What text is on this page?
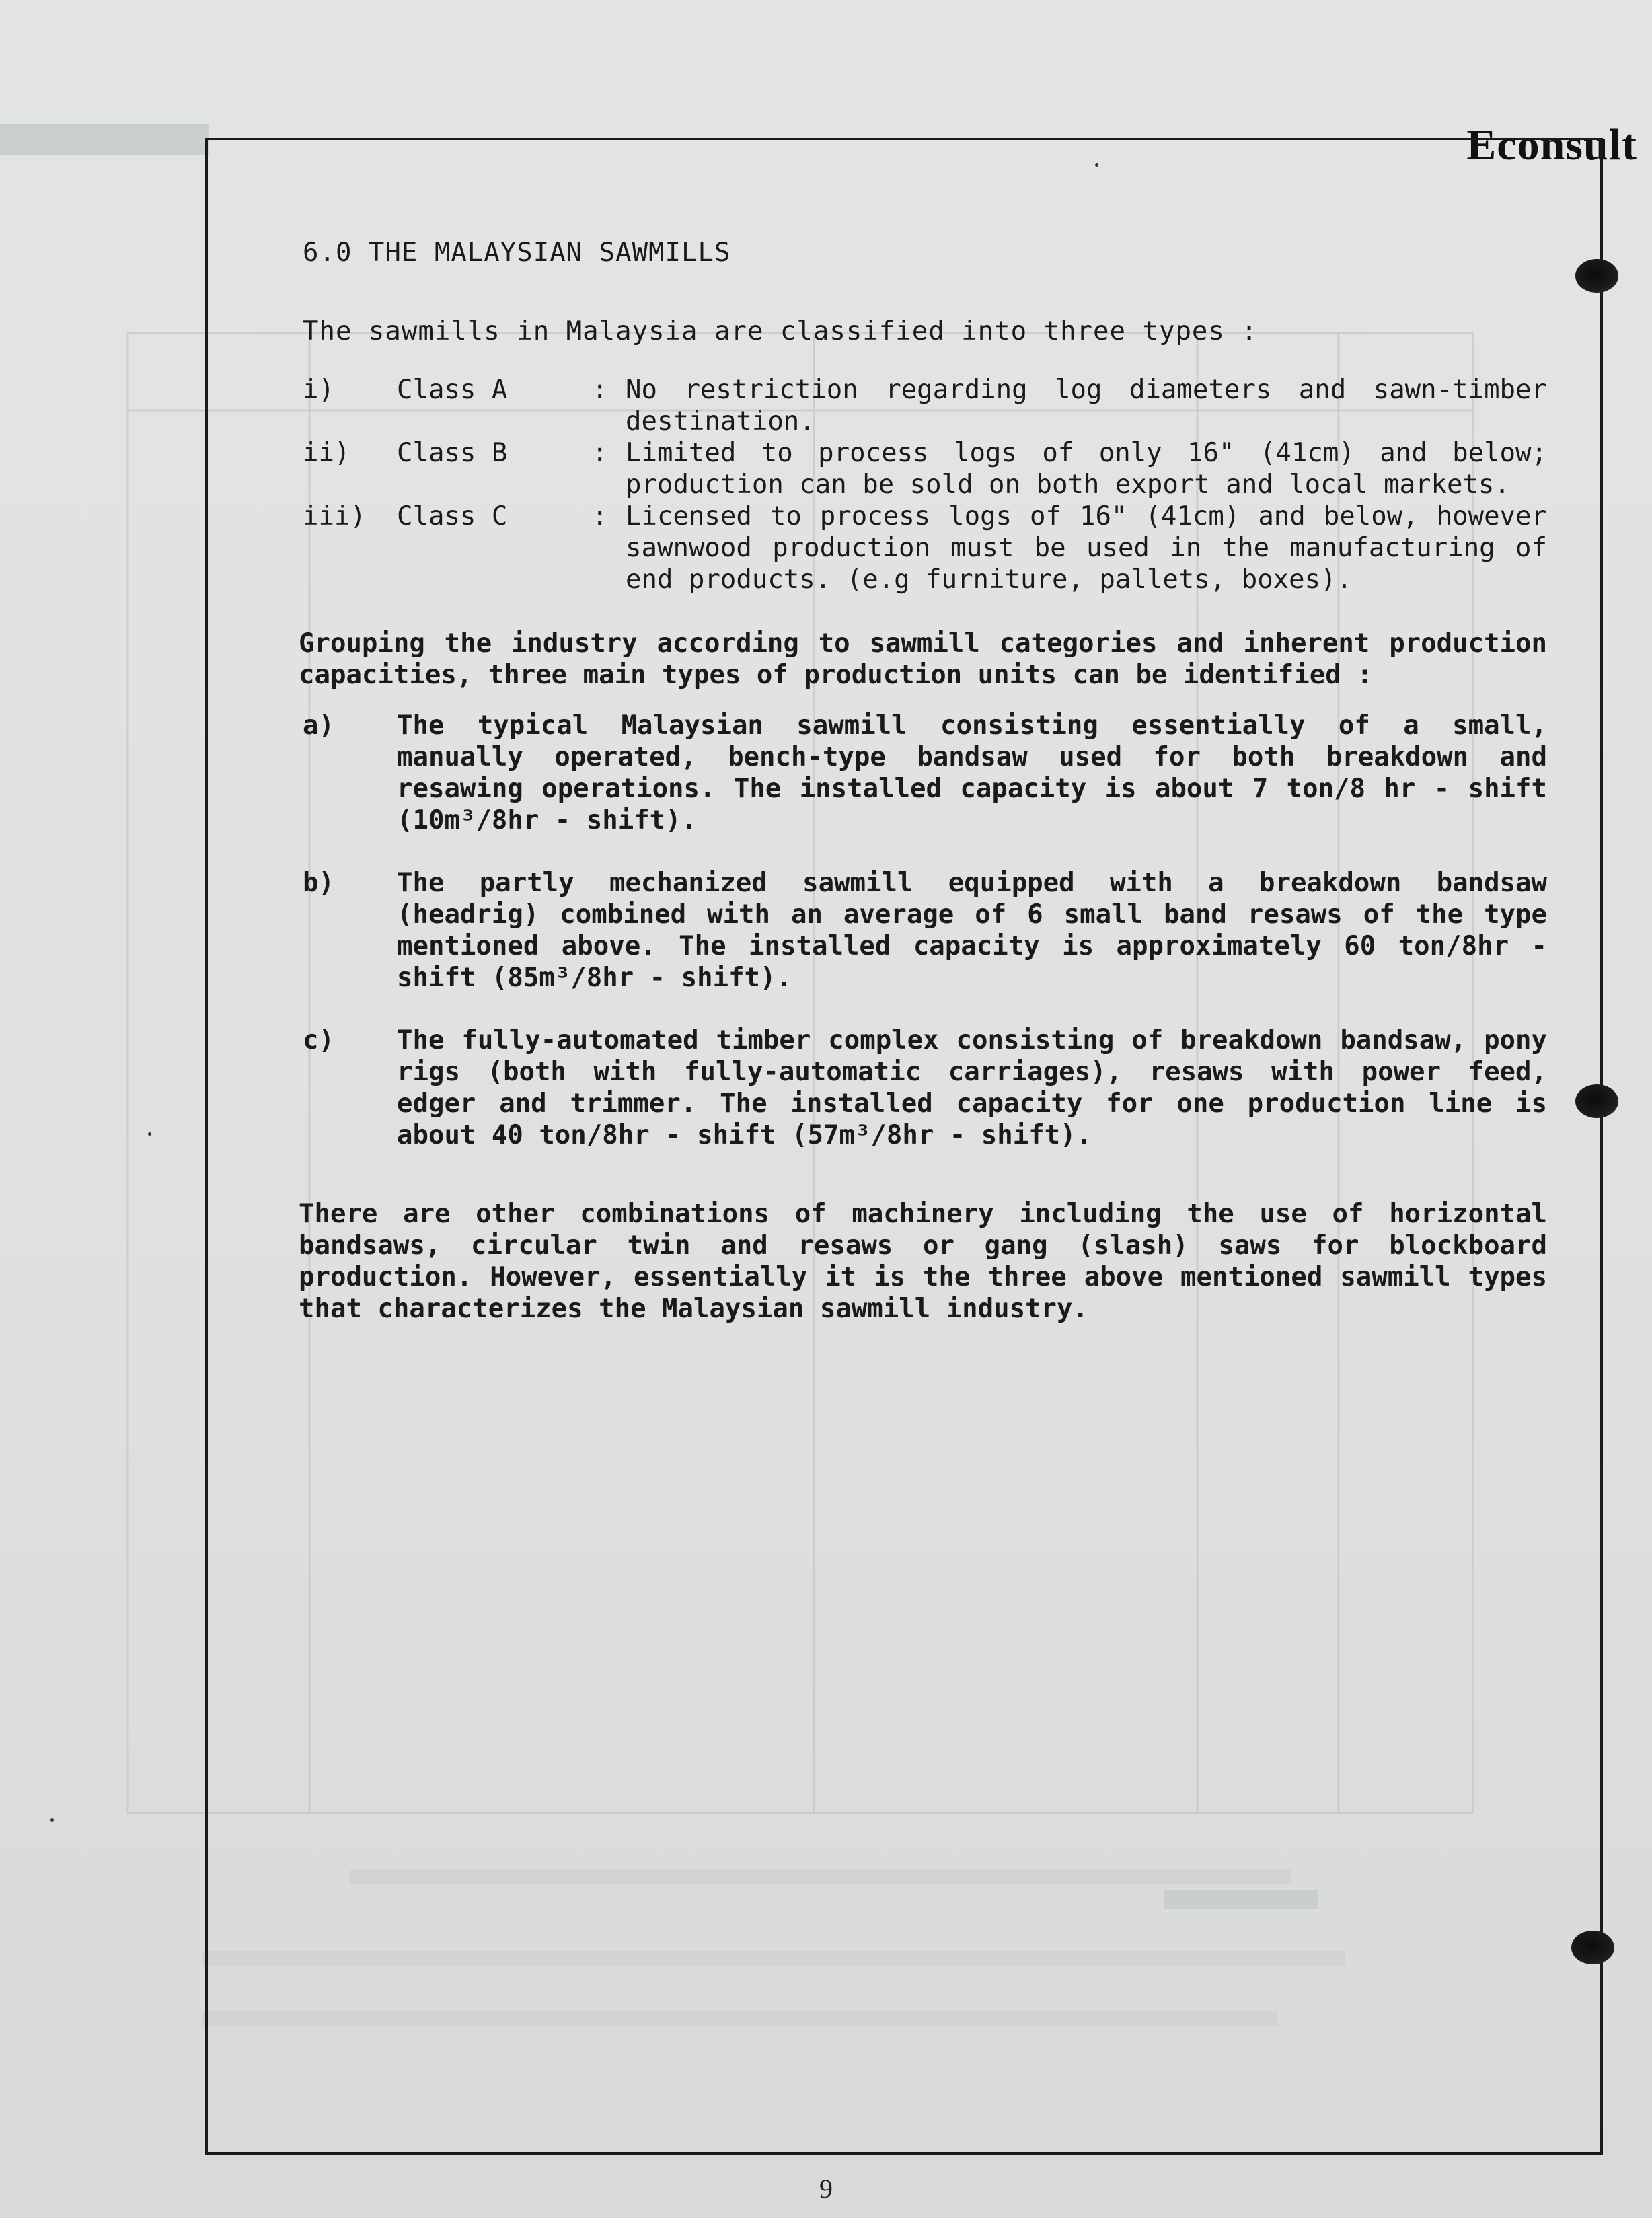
Econsult
6.0 THE MALAYSIAN SAWMILLS
The sawmills in Malaysia are classified into three types :
i)	Class A	: No restriction regarding log diameters and sawn-timber destination.
ii)	Class B	: Limited to process logs of only 16" (41cm) and below; production can be sold on both export and local markets.
iii)	Class C	: Licensed to process logs of 16" (41cm) and below, however sawnwood production must be used in the manufacturing of end products. (e.g furniture, pallets, boxes).
Grouping the industry according to sawmill categories and inherent production capacities, three main types of production units can be identified :
a)	The typical Malaysian sawmill consisting essentially of a small, manually operated, bench-type bandsaw used for both breakdown and resawing operations. The installed capacity is about 7 ton/8 hr - shift (10m³/8hr - shift).
b)	The partly mechanized sawmill equipped with a breakdown bandsaw (headrig) combined with an average of 6 small band resaws of the type mentioned above. The installed capacity is approximately 60 ton/8hr - shift (85m³/8hr - shift).
c)	The fully-automated timber complex consisting of breakdown bandsaw, pony rigs (both with fully-automatic carriages), resaws with power feed, edger and trimmer. The installed capacity for one production line is about 40 ton/8hr - shift (57m³/8hr - shift).
There are other combinations of machinery including the use of horizontal bandsaws, circular twin and resaws or gang (slash) saws for blockboard production. However, essentially it is the three above mentioned sawmill types that characterizes the Malaysian sawmill industry.
9
